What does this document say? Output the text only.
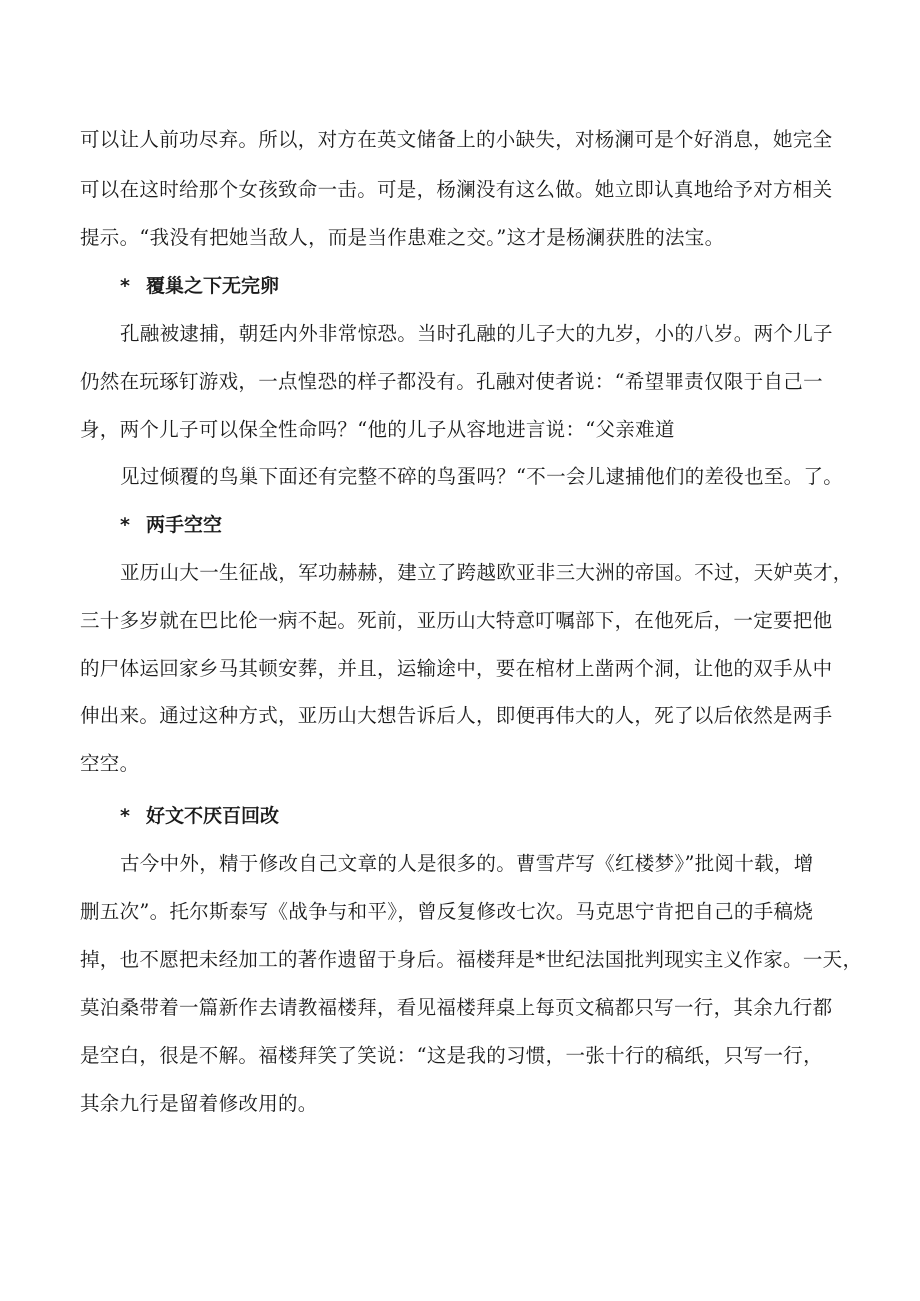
可以让人前功尽弃。所以，对方在英文储备上的小缺失，对杨澜可是个好消息，她完全
可以在这时给那个女孩致命一击。可是，杨澜没有这么做。她立即认真地给予对方相关
提示。“我没有把她当敌人，而是当作患难之交。”这才是杨澜获胜的法宝。
* 覆巢之下无完卵
孔融被逮捕，朝廷内外非常惊恐。当时孔融的儿子大的九岁，小的八岁。两个儿子
仍然在玩琢钉游戏，一点惶恐的样子都没有。孔融对使者说：“希望罪责仅限于自己一
身，两个儿子可以保全性命吗？“他的儿子从容地进言说：“父亲难道
见过倾覆的鸟巢下面还有完整不碎的鸟蛋吗？“不一会儿逮捕他们的差役也至。了。
* 两手空空
亚历山大一生征战，军功赫赫，建立了跨越欧亚非三大洲的帝国。不过，天妒英才，
三十多岁就在巴比伦一病不起。死前，亚历山大特意叮嘱部下，在他死后，一定要把他
的尸体运回家乡马其顿安葬，并且，运输途中，要在棺材上凿两个洞，让他的双手从中
伸出来。通过这种方式，亚历山大想告诉后人，即便再伟大的人，死了以后依然是两手
空空。
* 好文不厌百回改
古今中外，精于修改自己文章的人是很多的。曹雪芹写《红楼梦》”批阅十载，增
删五次”。托尔斯泰写《战争与和平》，曾反复修改七次。马克思宁肯把自己的手稿烧
掉，也不愿把未经加工的著作遗留于身后。福楼拜是*世纪法国批判现实主义作家。一天，
莫泊桑带着一篇新作去请教福楼拜，看见福楼拜桌上每页文稿都只写一行，其余九行都
是空白，很是不解。福楼拜笑了笑说：“这是我的习惯，一张十行的稿纸，只写一行，
其余九行是留着修改用的。
